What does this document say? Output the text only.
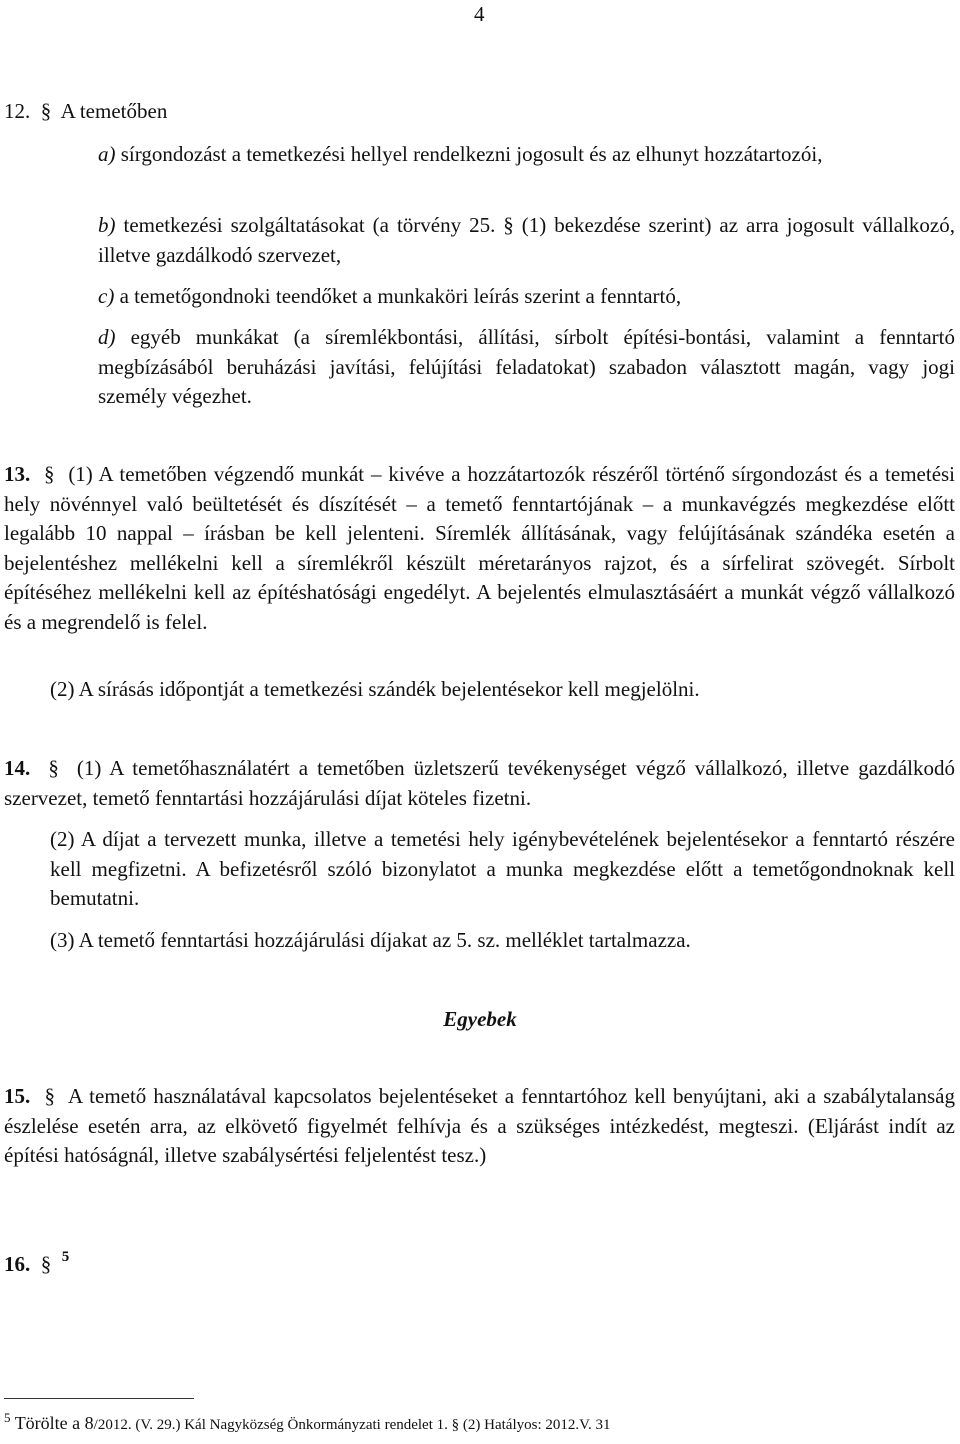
4
12. § A temetőben
a) sírgondozást a temetkezési hellyel rendelkezni jogosult és az elhunyt hozzátartozói,
b) temetkezési szolgáltatásokat (a törvény 25. § (1) bekezdése szerint) az arra jogosult vállalkozó, illetve gazdálkodó szervezet,
c) a temetőgondnoki teendőket a munkaköri leírás szerint a fenntartó,
d) egyéb munkákat (a síremlékbontási, állítási, sírbolt építési-bontási, valamint a fenntartó megbízásából beruházási javítási, felújítási feladatokat) szabadon választott magán, vagy jogi személy végezhet.
13. § (1) A temetőben végzendő munkát – kivéve a hozzátartozók részéről történő sírgondozást és a temetési hely növénnyel való beültetését és díszítését – a temető fenntartójának – a munkavégzés megkezdése előtt legalább 10 nappal – írásban be kell jelenteni. Síremlék állításának, vagy felújításának szándéka esetén a bejelentéshez mellékelni kell a síremlékről készült méretarányos rajzot, és a sírfelirat szövegét. Sírbolt építéséhez mellékelni kell az építéshatósági engedélyt. A bejelentés elmulasztásáért a munkát végző vállalkozó és a megrendelő is felel.
(2) A sírásás időpontját a temetkezési szándék bejelentésekor kell megjelölni.
14. § (1) A temetőhasználatért a temetőben üzletszerű tevékenységet végző vállalkozó, illetve gazdálkodó szervezet, temető fenntartási hozzájárulási díjat köteles fizetni.
(2) A díjat a tervezett munka, illetve a temetési hely igénybevételének bejelentésekor a fenntartó részére kell megfizetni. A befizetésről szóló bizonylatot a munka megkezdése előtt a temetőgondnoknak kell bemutatni.
(3) A temető fenntartási hozzájárulási díjakat az 5. sz. melléklet tartalmazza.
Egyebek
15. § A temető használatával kapcsolatos bejelentéseket a fenntartóhoz kell benyújtani, aki a szabálytalanság észlelése esetén arra, az elkövető figyelmét felhívja és a szükséges intézkedést, megteszi. (Eljárást indít az építési hatóságnál, illetve szabálysértési feljelentést tesz.)
16. § $^5$
$^5$ Törölte a 8/2012. (V. 29.) Kál Nagyközség Önkormányzati rendelet 1. § (2) Hatályos: 2012.V. 31
